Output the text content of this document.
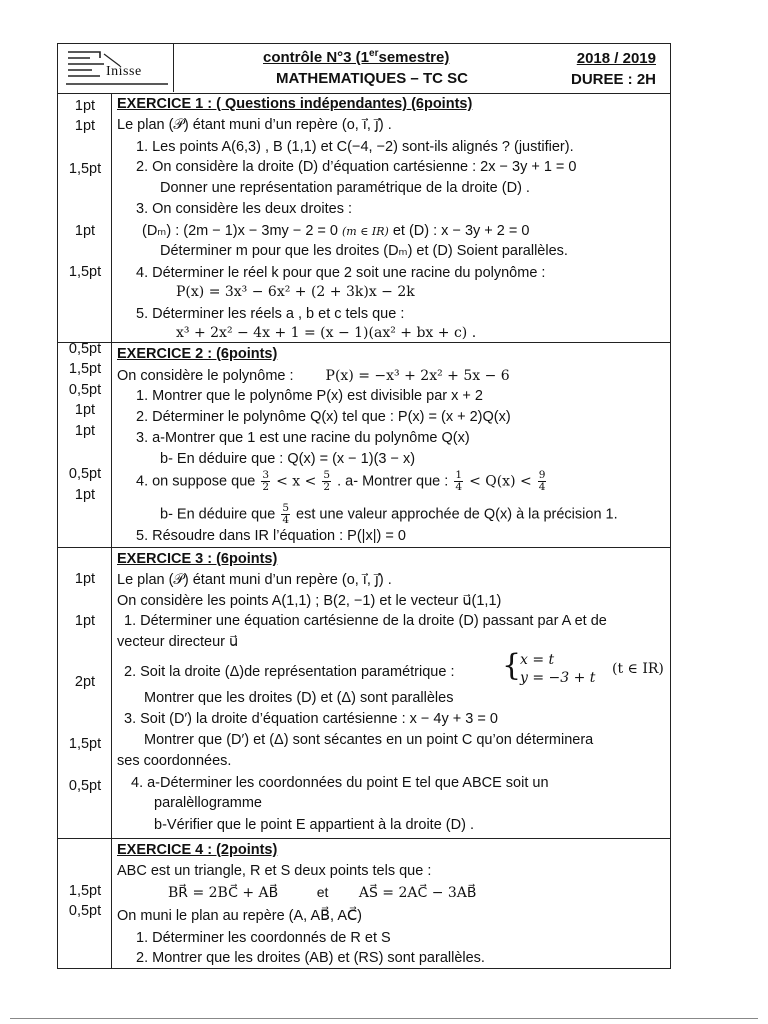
Inisse
contrôle N°3 (1ersemestre)
MATHEMATIQUES – TC SC
2018 / 2019
DUREE : 2H
1pt
1pt
1,5pt
1pt
1,5pt
0,5pt
1,5pt
0,5pt
1pt
1pt
0,5pt
1pt
1pt
1pt
2pt
1,5pt
0,5pt
1,5pt
0,5pt
EXERCICE 1 : ( Questions indépendantes) (6points)
Le plan (𝒫) étant muni d’un repère (o, i⃗, j⃗) .
1. Les points A(6,3) , B (1,1) et C(−4, −2) sont-ils alignés ? (justifier).
2. On considère la droite (D) d’équation cartésienne : 2x − 3y + 1 = 0
Donner une représentation paramétrique de la droite (D) .
3. On considère les deux droites :
(Dₘ) : (2m − 1)x − 3my − 2 = 0 (m ∈ IR) et (D) : x − 3y + 2 = 0
Déterminer m pour que les droites (Dₘ) et (D) Soient parallèles.
4. Déterminer le réel k pour que 2 soit une racine du polynôme :
P(x) = 3x³ − 6x² + (2 + 3k)x − 2k
5. Déterminer les réels a , b et c tels que :
x³ + 2x² − 4x + 1 = (x − 1)(ax² + bx + c) .
EXERCICE 2 : (6points)
On considère le polynôme : P(x) = −x³ + 2x² + 5x − 6
1. Montrer que le polynôme P(x) est divisible par x + 2
2. Déterminer le polynôme Q(x) tel que : P(x) = (x + 2)Q(x)
3. a-Montrer que 1 est une racine du polynôme Q(x)
b- En déduire que : Q(x) = (x − 1)(3 − x)
4. on suppose que $\frac{3}{2} < x < \frac{5}{2}$ . a- Montrer que : $\frac{1}{4} < Q(x) < \frac{9}{4}$
b- En déduire que $\frac{5}{4}$ est une valeur approchée de Q(x) à la précision 1.
5. Résoudre dans IR l’équation : P(|x|) = 0
EXERCICE 3 : (6points)
Le plan (𝒫) étant muni d’un repère (o, i⃗, j⃗) .
On considère les points A(1,1) ; B(2, −1) et le vecteur u⃗(1,1)
1. Déterminer une équation cartésienne de la droite (D) passant par A et de
vecteur directeur u⃗
2. Soit la droite (Δ)de représentation paramétrique : {
x = t
y = −3 + t
(t ∈ IR)
Montrer que les droites (D) et (Δ) sont parallèles
3. Soit (D′) la droite d’équation cartésienne : x − 4y + 3 = 0
Montrer que (D′) et (Δ) sont sécantes en un point C qu’on déterminera
ses coordonnées.
4. a-Déterminer les coordonnées du point E tel que ABCE soit un
paralèllogramme
b-Vérifier que le point E appartient à la droite (D) .
EXERCICE 4 : (2points)
ABC est un triangle, R et S deux points tels que :
BR⃗ = 2BC⃗ + AB⃗	et AS⃗ = 2AC⃗ − 3AB⃗
On muni le plan au repère (A, AB⃗, AC⃗)
1. Déterminer les coordonnés de R et S
2. Montrer que les droites (AB) et (RS) sont parallèles.
